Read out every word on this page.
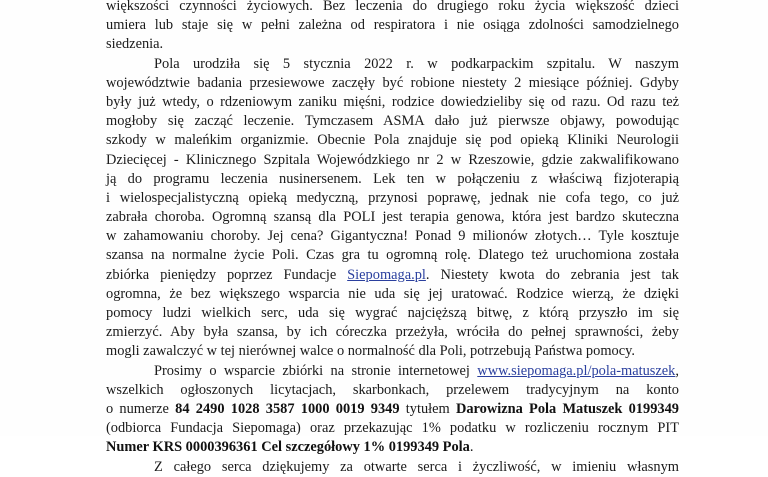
większości czynności życiowych. Bez leczenia do drugiego roku życia większość dzieci
umiera lub staje się w pełni zależna od respiratora i nie osiąga zdolności samodzielnego
siedzenia.
Pola urodziła się 5 stycznia 2022 r. w podkarpackim szpitalu. W naszym
województwie badania przesiewowe zaczęły być robione niestety 2 miesiące później. Gdyby
były już wtedy, o rdzeniowym zaniku mięśni, rodzice dowiedzieliby się od razu. Od razu też
mogłoby się zacząć leczenie. Tymczasem ASMA dało już pierwsze objawy, powodując
szkody w maleńkim organizmie. Obecnie Pola znajduje się pod opieką Kliniki Neurologii
Dziecięcej - Klinicznego Szpitala Wojewódzkiego nr 2 w Rzeszowie, gdzie zakwalifikowano
ją do programu leczenia nusinersenem. Lek ten w połączeniu z właściwą fizjoterapią
i wielospecjalistyczną opieką medyczną, przynosi poprawę, jednak nie cofa tego, co już
zabrała choroba. Ogromną szansą dla POLI jest terapia genowa, która jest bardzo skuteczna
w zahamowaniu choroby. Jej cena? Gigantyczna! Ponad 9 milionów złotych… Tyle kosztuje
szansa na normalne życie Poli. Czas gra tu ogromną rolę. Dlatego też uruchomiona została
zbiórka pieniędzy poprzez Fundacje Siepomaga.pl. Niestety kwota do zebrania jest tak
ogromna, że bez większego wsparcia nie uda się jej uratować. Rodzice wierzą, że dzięki
pomocy ludzi wielkich serc, uda się wygrać najcięższą bitwę, z którą przyszło im się
zmierzyć. Aby była szansa, by ich córeczka przeżyła, wróciła do pełnej sprawności, żeby
mogli zawalczyć w tej nierównej walce o normalność dla Poli, potrzebują Państwa pomocy.
Prosimy o wsparcie zbiórki na stronie internetowej www.siepomaga.pl/pola-matuszek,
wszelkich ogłoszonych licytacjach, skarbonkach, przelewem tradycyjnym na konto
o numerze 84 2490 1028 3587 1000 0019 9349 tytułem Darowizna Pola Matuszek 0199349
(odbiorca Fundacja Siepomaga) oraz przekazując 1% podatku w rozliczeniu rocznym PIT
Numer KRS 0000396361 Cel szczegółowy 1% 0199349 Pola.
Z całego serca dziękujemy za otwarte serca i życzliwość, w imieniu własnym
